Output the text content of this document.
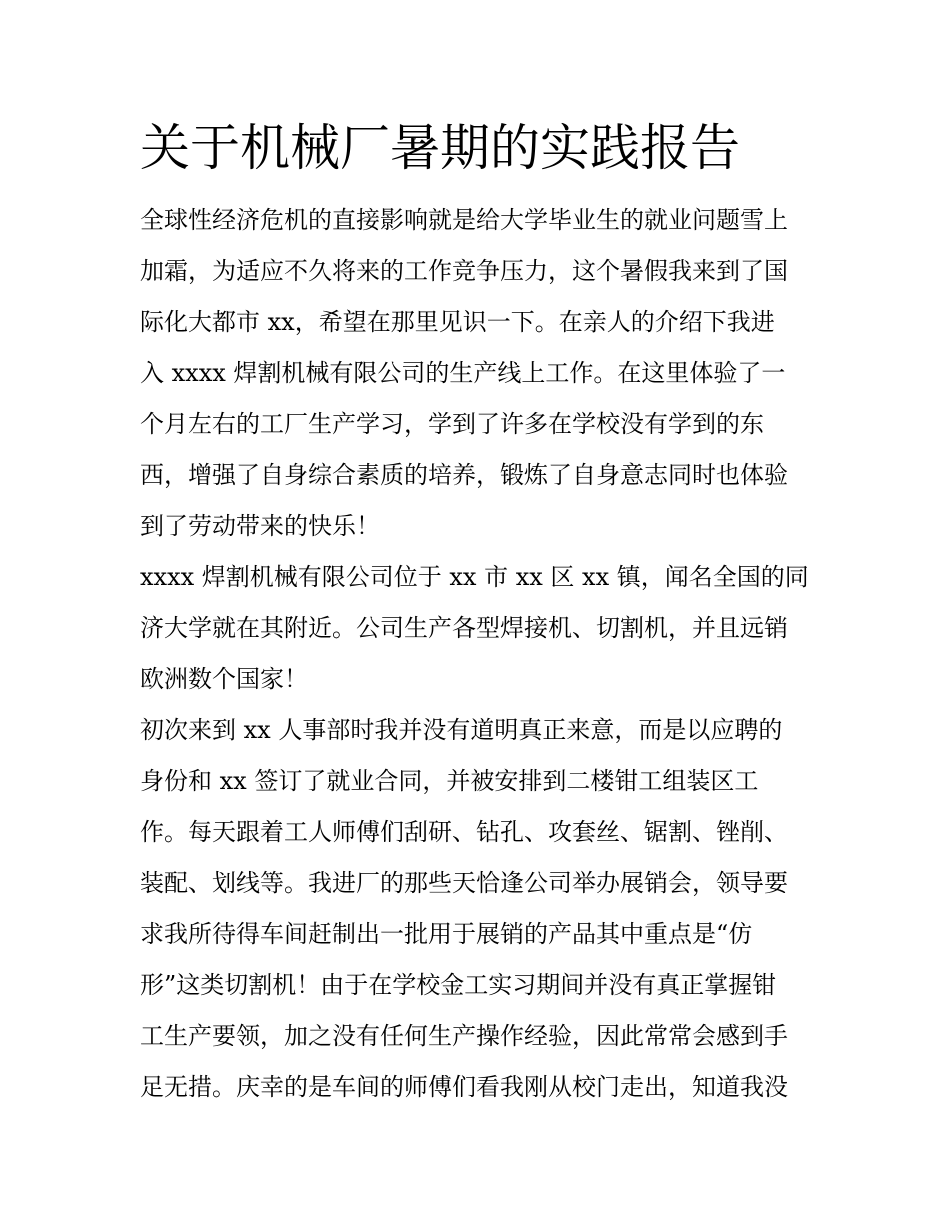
关于机械厂暑期的实践报告

全球性经济危机的直接影响就是给大学毕业生的就业问题雪上

加霜，为适应不久将来的工作竞争压力，这个暑假我来到了国

际化大都市 xx，希望在那里见识一下。在亲人的介绍下我进

入 xxxx 焊割机械有限公司的生产线上工作。在这里体验了一

个月左右的工厂生产学习，学到了许多在学校没有学到的东

西，增强了自身综合素质的培养，锻炼了自身意志同时也体验

到了劳动带来的快乐！

xxxx 焊割机械有限公司位于 xx 市 xx 区 xx 镇，闻名全国的同

济大学就在其附近。公司生产各型焊接机、切割机，并且远销

欧洲数个国家！

初次来到 xx 人事部时我并没有道明真正来意，而是以应聘的

身份和 xx 签订了就业合同，并被安排到二楼钳工组装区工

作。每天跟着工人师傅们刮研、钻孔、攻套丝、锯割、锉削、

装配、划线等。我进厂的那些天恰逢公司举办展销会，领导要

求我所待得车间赶制出一批用于展销的产品其中重点是“仿

形”这类切割机！由于在学校金工实习期间并没有真正掌握钳

工生产要领，加之没有任何生产操作经验，因此常常会感到手

足无措。庆幸的是车间的师傅们看我刚从校门走出，知道我没
